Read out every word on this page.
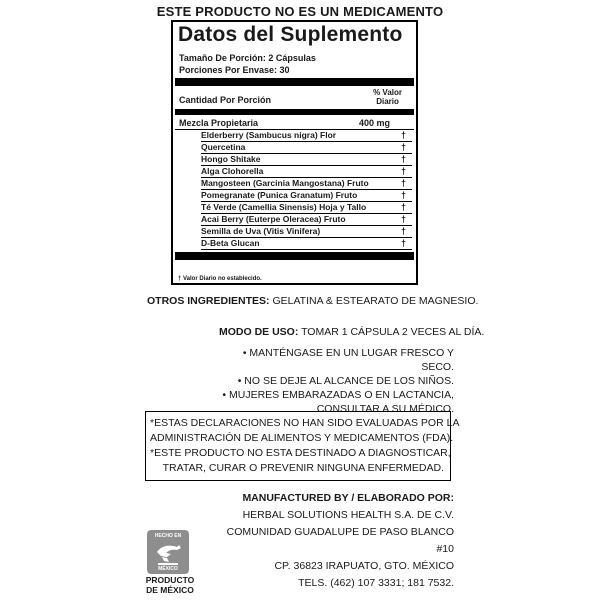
ESTE PRODUCTO NO ES UN MEDICAMENTO
Datos del Suplemento
Tamaño De Porción: 2 Cápsulas
Porciones Por Envase: 30
Cantidad Por Porción
% Valor
Diario
Mezcla Propietaria	400 mg
Elderberry (Sambucus nigra) Flor	†
Quercetina	†
Hongo Shitake	†
Alga Clohorella	†
Mangosteen (Garcinia Mangostana) Fruto	†
Pomegranate (Punica Granatum) Fruto	†
Té Verde (Camellia Sinensis) Hoja y Tallo	†
Acai Berry (Euterpe Oleracea) Fruto	†
Semilla de Uva (Vitis Vinifera)	†
D-Beta Glucan	†
† Valor Diario no establecido.
OTROS INGREDIENTES: GELATINA & ESTEARATO DE MAGNESIO.
MODO DE USO: TOMAR 1 CÁPSULA 2 VECES AL DÍA.
• MANTÉNGASE EN UN LUGAR FRESCO Y SECO.
• NO SE DEJE AL ALCANCE DE LOS NIÑOS.
• MUJERES EMBARAZADAS O EN LACTANCIA,
CONSULTAR A SU MÉDICO.
*ESTAS DECLARACIONES NO HAN SIDO EVALUADAS POR LA
ADMINISTRACIÓN DE ALIMENTOS Y MEDICAMENTOS (FDA).
*ESTE PRODUCTO NO ESTA DESTINADO A DIAGNOSTICAR,
TRATAR, CURAR O PREVENIR NINGUNA ENFERMEDAD.
MANUFACTURED BY / ELABORADO POR:
HERBAL SOLUTIONS HEALTH S.A. DE C.V.
COMUNIDAD GUADALUPE DE PASO BLANCO #10
CP. 36823 IRAPUATO, GTO. MÉXICO
TELS. (462) 107 3331; 181 7532.
HECHO EN
MÉXICO
PRODUCTO
DE MÉXICO
